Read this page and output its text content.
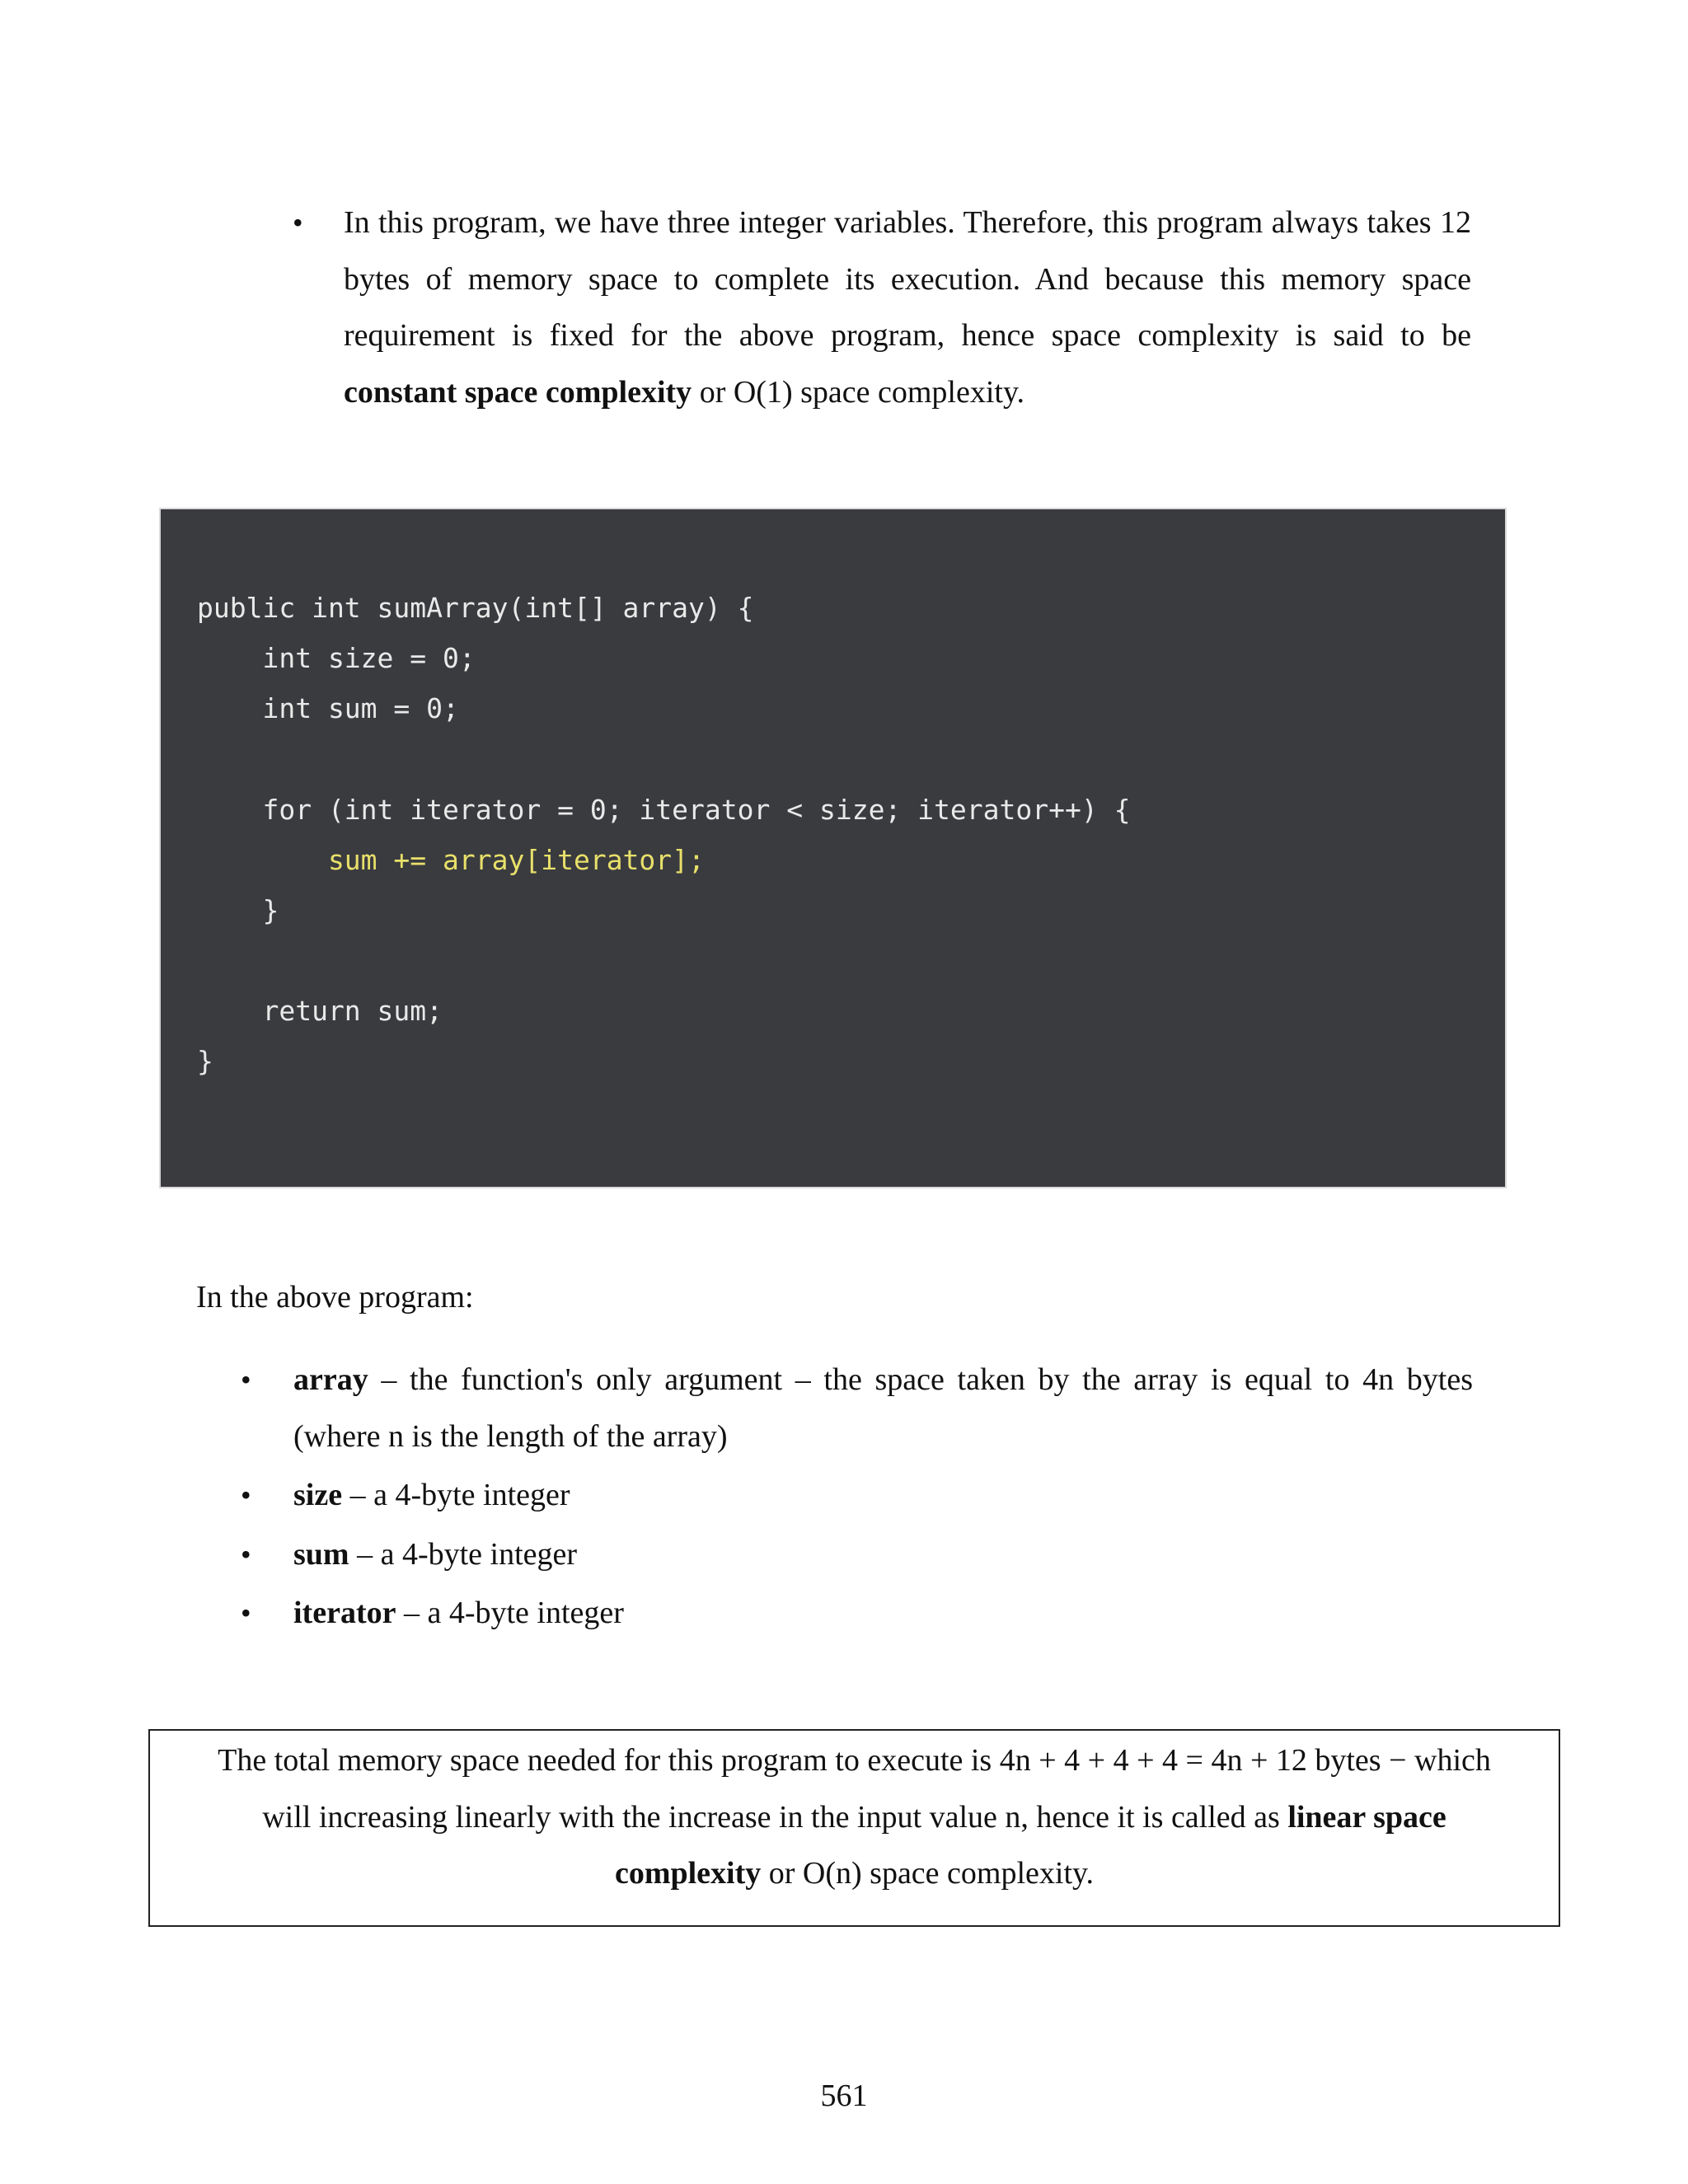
• In this program, we have three integer variables. Therefore, this program always takes 12 bytes of memory space to complete its execution. And because this memory space requirement is fixed for the above program, hence space complexity is said to be constant space complexity or O(1) space complexity.
public int sumArray(int[] array) {
int size = 0;
int sum = 0;
for (int iterator = 0; iterator < size; iterator++) {
sum += array[iterator];
}
return sum;
}
In the above program:
• array – the function's only argument – the space taken by the array is equal to 4n bytes (where n is the length of the array)
• size – a 4-byte integer
• sum – a 4-byte integer
• iterator – a 4-byte integer
The total memory space needed for this program to execute is 4n + 4 + 4 + 4 = 4n + 12 bytes − which will increasing linearly with the increase in the input value n, hence it is called as linear space complexity or O(n) space complexity.
561
